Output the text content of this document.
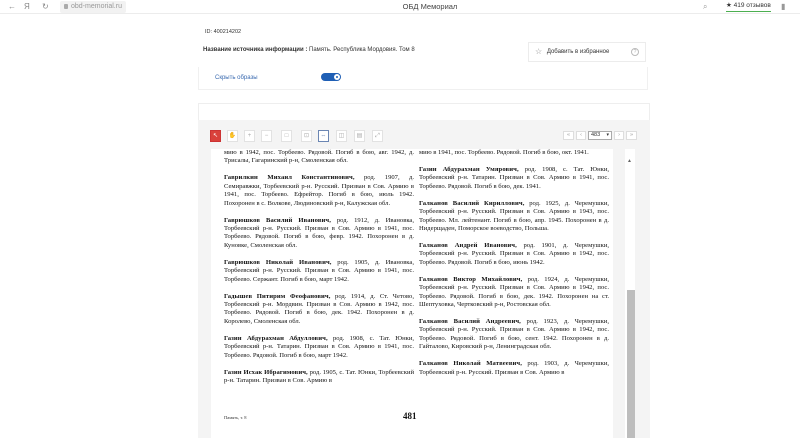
← Я ↻	obd-memorial.ru	ОБД Мемориал	⌕	★ 419 отзывов ▮
ID: 400214202
Название источника информации : Память. Республика Мордовия. Том 8	☆ Добавить в избранное	?
Скрыть образы
↖	✋	+	−	□	⊡	⇔	◫	▤	⤢	«	‹	483 ▾	›	»
мию в 1942, пос. Торбеево. Рядовой. Погиб в бою, авг. 1942, д. Трисалы, Гагаринский р-н, Смоленская обл.
Гаврилкин Михаил Константинович, род. 1907, д. Семиравжки, Торбеевский р-н. Русский. Призван в Сов. Армию в 1941, пос. Торбеево. Ефрейтор. Погиб в бою, июль 1942. Похоронен в с. Волкове, Людиновский р-н, Калужская обл.
Гаврюшков Василий Иванович, род. 1912, д. Ивановка, Торбеевский р-н. Русский. Призван в Сов. Армию в 1941, пос. Торбеево. Рядовой. Погиб в бою, февр. 1942. Похоронен в д. Куновке, Смоленская обл.
Гаврюшков Николай Иванович, род. 1905, д. Ивановка, Торбеевский р-н. Русский. Призван в Сов. Армию в 1941, пос. Торбеево. Сержант. Погиб в бою, март 1942.
Гадышев Питирим Феофанович, род. 1914, д. Ст. Четово, Торбеевский р-н. Мордвин. Призван в Сов. Армию в 1942, пос. Торбеево. Рядовой. Погиб в бою, дек. 1942. Похоронен в д. Королево, Смоленская обл.
Газин Абдурахман Абдуллович, род. 1908, с. Тат. Юнки, Торбеевский р-н. Татарин. Призван в Сов. Армию в 1941, пос. Торбеево. Рядовой. Погиб в бою, март 1942.
Газин Исхак Ибрагимович, род. 1905, с. Тат. Юнки, Торбеевский р-н. Татарин. Призван в Сов. Армию в
мию в 1941, пос. Торбеево. Рядовой. Погиб в бою, окт. 1941.
Газин Абдурахман Умярович, род. 1908, с. Тат. Юнки, Торбеевский р-н. Татарин. Призван в Сов. Армию в 1941, пос. Торбеево. Рядовой. Погиб в бою, дек. 1941.
Галканов Василий Кириллович, род. 1925, д. Черемушки, Торбеевский р-н. Русский. Призван в Сов. Армию в 1943, пос. Торбеево. Мл. лейтенант. Погиб в бою, апр. 1945. Похоронен в д. Нидерщаден, Поморское воеводство, Польша.
Галканов Андрей Иванович, род. 1901, д. Черемушки, Торбеевский р-н. Русский. Призван в Сов. Армию в 1942, пос. Торбеево. Рядовой. Погиб в бою, июнь 1942.
Галканов Виктор Михайлович, род. 1924, д. Черемушки, Торбеевский р-н. Русский. Призван в Сов. Армию в 1942, пос. Торбеево. Рядовой. Погиб в бою, дек. 1942. Похоронен на ст. Шептуховка, Чертковский р-н, Ростовская обл.
Галканов Василий Андреевич, род. 1923, д. Черемушки, Торбеевский р-н. Русский. Призван в Сов. Армию в 1942, пос. Торбеево. Рядовой. Погиб в бою, сент. 1942. Похоронен в д. Гайталово, Кировский р-н, Ленинградская обл.
Галканов Николай Матвеевич, род. 1903, д. Черемушки, Торбеевский р-н. Русский. Призван в Сов. Армию в
Память, т. 8	481
▲
